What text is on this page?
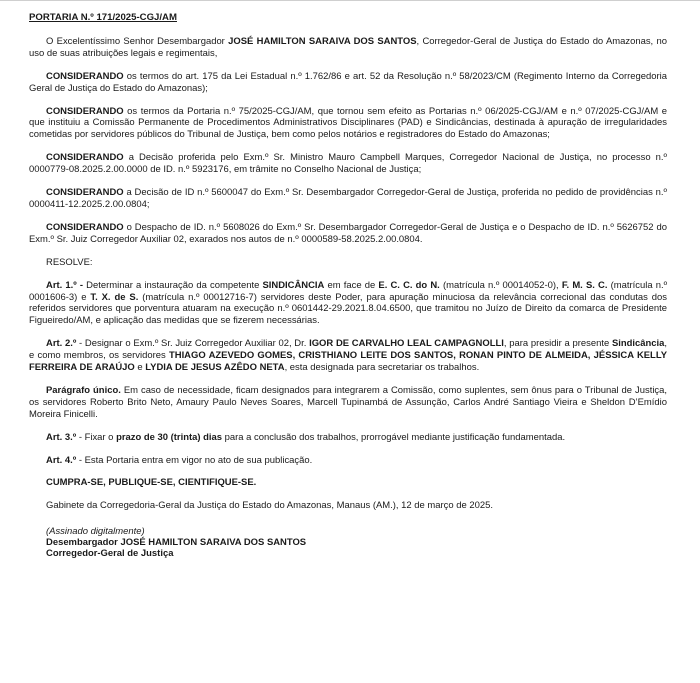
PORTARIA N.º 171/2025-CGJ/AM

O Excelentíssimo Senhor Desembargador JOSÉ HAMILTON SARAIVA DOS SANTOS, Corregedor-Geral de Justiça do Estado do Amazonas, no uso de suas atribuições legais e regimentais,

CONSIDERANDO os termos do art. 175 da Lei Estadual n.º 1.762/86 e art. 52 da Resolução n.º 58/2023/CM (Regimento Interno da Corregedoria Geral de Justiça do Estado do Amazonas);

CONSIDERANDO os termos da Portaria n.º 75/2025-CGJ/AM, que tornou sem efeito as Portarias n.º 06/2025-CGJ/AM e n.º 07/2025-CGJ/AM e que instituiu a Comissão Permanente de Procedimentos Administrativos Disciplinares (PAD) e Sindicâncias, destinada à apuração de irregularidades cometidas por servidores públicos do Tribunal de Justiça, bem como pelos notários e registradores do Estado do Amazonas;

CONSIDERANDO a Decisão proferida pelo Exm.º Sr. Ministro Mauro Campbell Marques, Corregedor Nacional de Justiça, no processo n.º 0000779-08.2025.2.00.0000 de ID. n.º 5923176, em trâmite no Conselho Nacional de Justiça;

CONSIDERANDO a Decisão de ID n.º 5600047 do Exm.º Sr. Desembargador Corregedor-Geral de Justiça, proferida no pedido de providências n.º 0000411-12.2025.2.00.0804;

CONSIDERANDO o Despacho de ID. n.º 5608026 do Exm.º Sr. Desembargador Corregedor-Geral de Justiça e o Despacho de ID. n.º 5626752 do Exm.º Sr. Juiz Corregedor Auxiliar 02, exarados nos autos de n.º 0000589-58.2025.2.00.0804.

RESOLVE:

Art. 1.º - Determinar a instauração da competente SINDICÂNCIA em face de E. C. C. do N. (matrícula n.º 00014052-0), F. M. S. C. (matrícula n.º 0001606-3) e T. X. de S. (matrícula n.º 00012716-7) servidores deste Poder, para apuração minuciosa da relevância correcional das condutas dos referidos servidores que porventura atuaram na execução n.º 0601442-29.2021.8.04.6500, que tramitou no Juízo de Direito da comarca de Presidente Figueiredo/AM, e aplicação das medidas que se fizerem necessárias.

Art. 2.º - Designar o Exm.º Sr. Juiz Corregedor Auxiliar 02, Dr. IGOR DE CARVALHO LEAL CAMPAGNOLLI, para presidir a presente Sindicância, e como membros, os servidores THIAGO AZEVEDO GOMES, CRISTHIANO LEITE DOS SANTOS, RONAN PINTO DE ALMEIDA, JÉSSICA KELLY FERREIRA DE ARAÚJO e LYDIA DE JESUS AZÊDO NETA, esta designada para secretariar os trabalhos.

Parágrafo único. Em caso de necessidade, ficam designados para integrarem a Comissão, como suplentes, sem ônus para o Tribunal de Justiça, os servidores Roberto Brito Neto, Amaury Paulo Neves Soares, Marcell Tupinambá de Assunção, Carlos André Santiago Vieira e Sheldon D’Emídio Moreira Finicelli.

Art. 3.º - Fixar o prazo de 30 (trinta) dias para a conclusão dos trabalhos, prorrogável mediante justificação fundamentada.

Art. 4.º - Esta Portaria entra em vigor no ato de sua publicação.

CUMPRA-SE, PUBLIQUE-SE, CIENTIFIQUE-SE.

Gabinete da Corregedoria-Geral da Justiça do Estado do Amazonas, Manaus (AM.), 12 de março de 2025.

(Assinado digitalmente)
Desembargador JOSÉ HAMILTON SARAIVA DOS SANTOS
Corregedor-Geral de Justiça
